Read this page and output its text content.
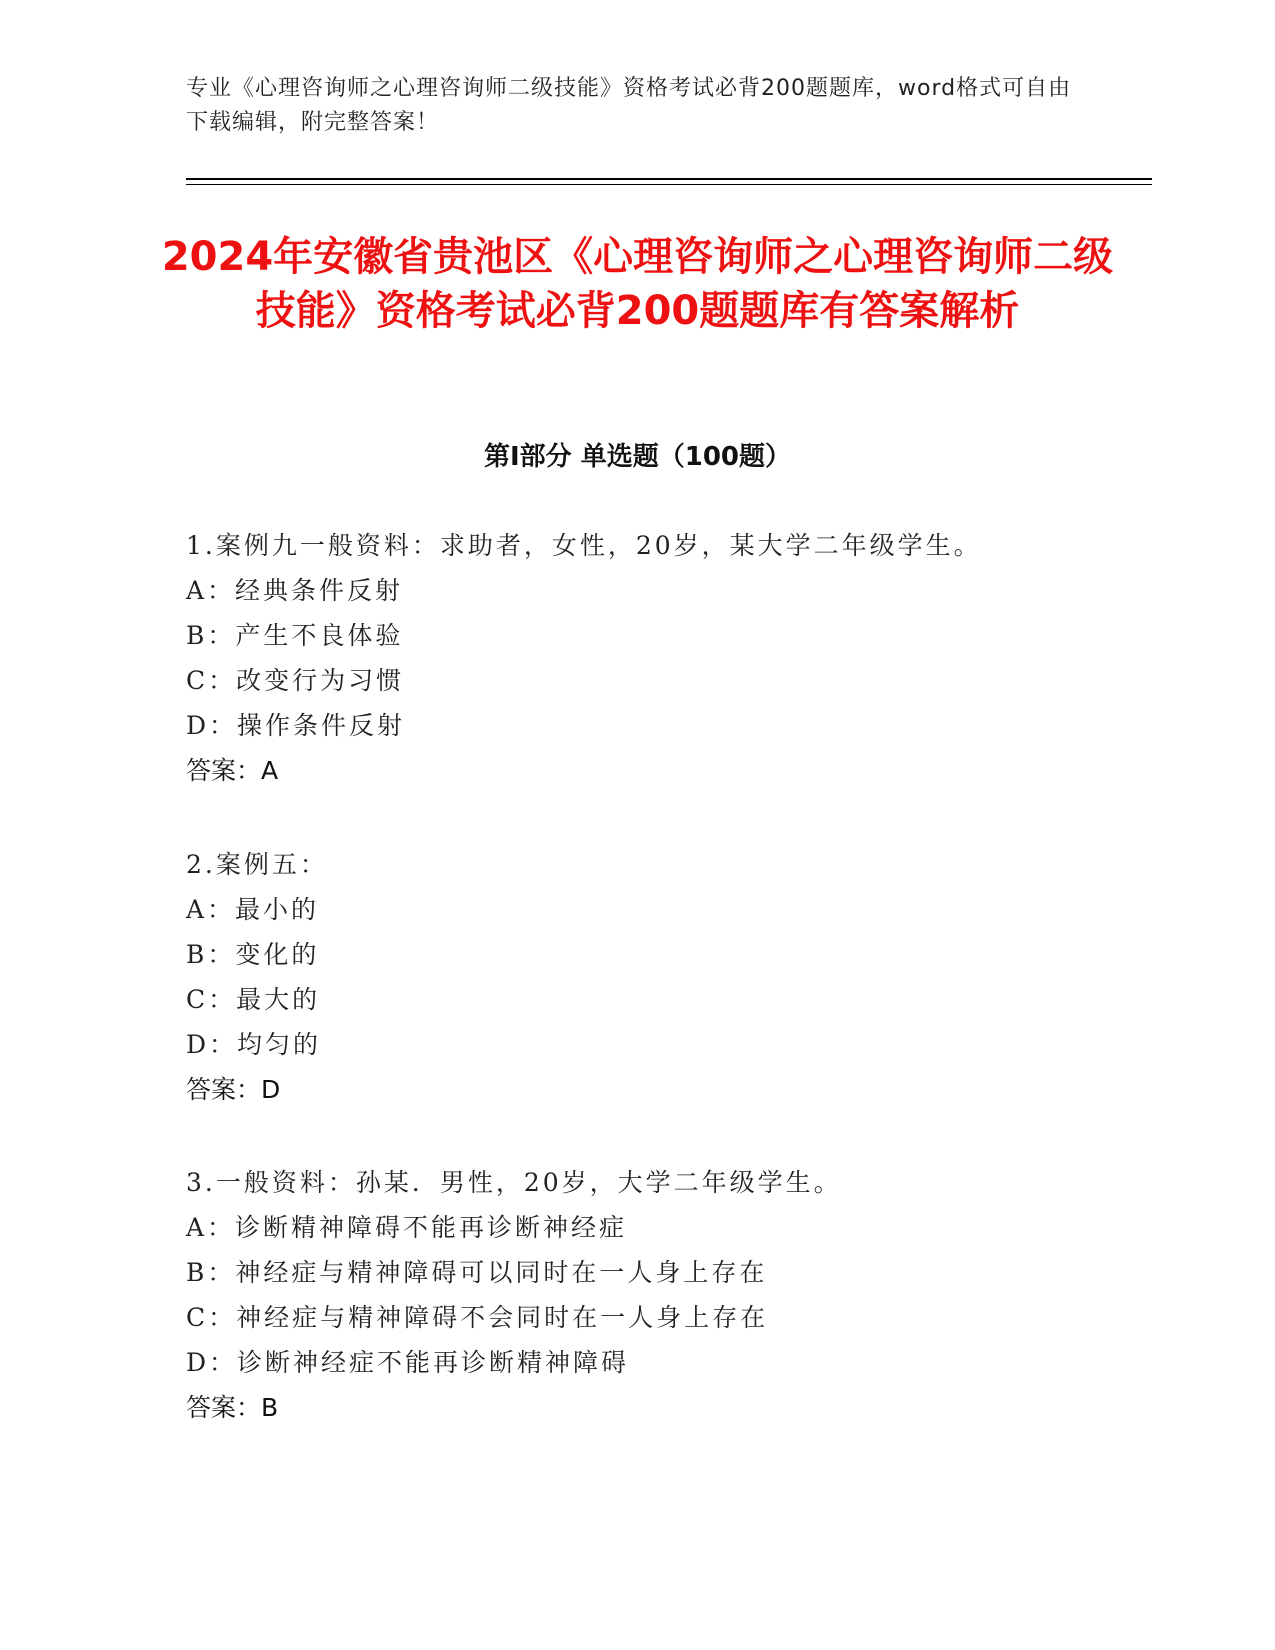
专业《心理咨询师之心理咨询师二级技能》资格考试必背200题题库，word格式可自由下载编辑，附完整答案！
2024年安徽省贵池区《心理咨询师之心理咨询师二级技能》资格考试必背200题题库有答案解析
第I部分 单选题（100题）
1.案例九一般资料：求助者，女性，20岁，某大学二年级学生。
A：经典条件反射
B：产生不良体验
C：改变行为习惯
D：操作条件反射
答案：A
2.案例五：
A：最小的
B：变化的
C：最大的
D：均匀的
答案：D
3.一般资料：孙某．男性，20岁，大学二年级学生。
A：诊断精神障碍不能再诊断神经症
B：神经症与精神障碍可以同时在一人身上存在
C：神经症与精神障碍不会同时在一人身上存在
D：诊断神经症不能再诊断精神障碍
答案：B
